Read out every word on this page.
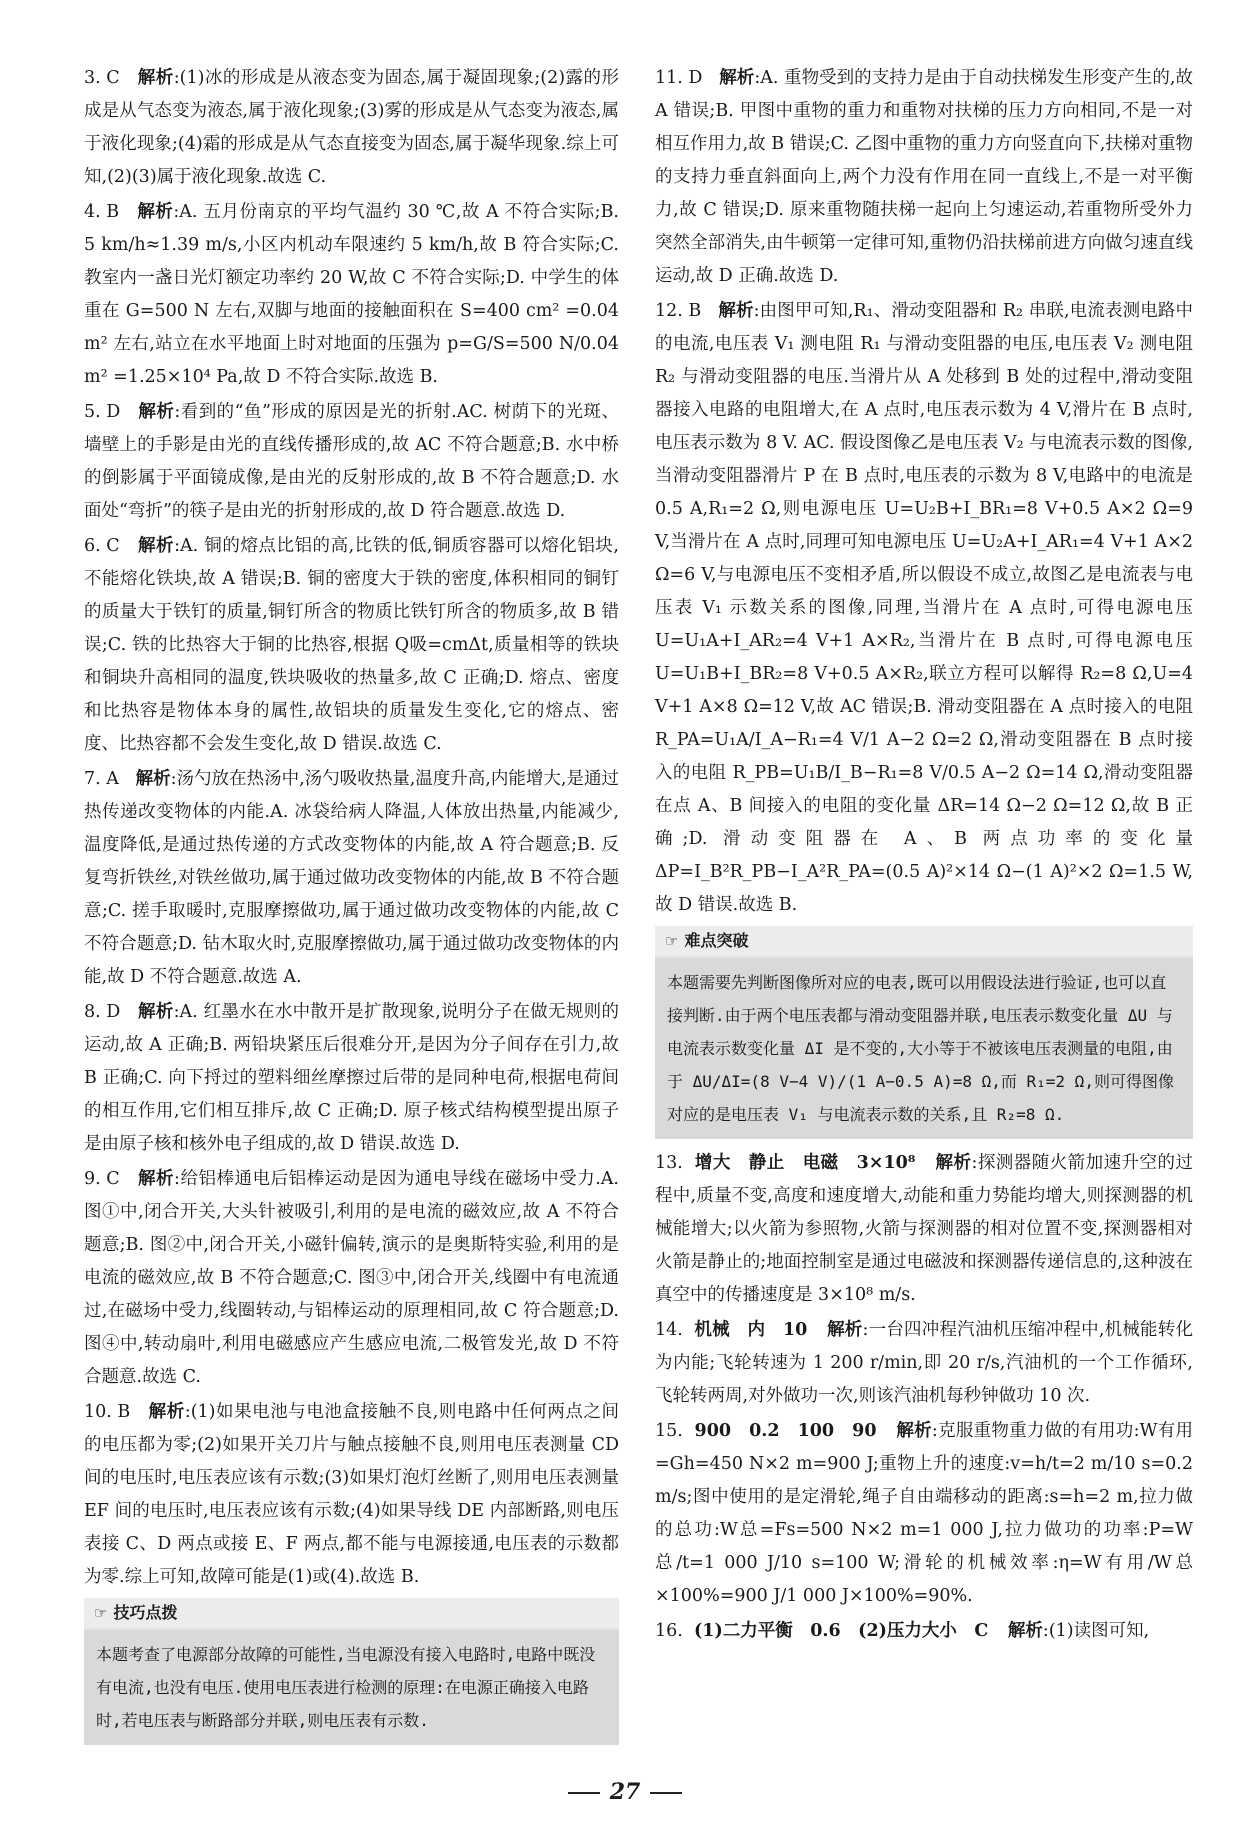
3. C 解析:(1)冰的形成是从液态变为固态,属于凝固现象;(2)露的形成是从气态变为液态,属于液化现象;(3)雾的形成是从气态变为液态,属于液化现象;(4)霜的形成是从气态直接变为固态,属于凝华现象.综上可知,(2)(3)属于液化现象.故选 C.

4. B 解析:A. 五月份南京的平均气温约 30 ℃,故 A 不符合实际;B. 5 km/h≈1.39 m/s,小区内机动车限速约 5 km/h,故 B 符合实际;C. 教室内一盏日光灯额定功率约 20 W,故 C 不符合实际;D. 中学生的体重在 G=500 N 左右,双脚与地面的接触面积在 S=400 cm² =0.04 m² 左右,站立在水平地面上时对地面的压强为 p=G/S=500 N/0.04 m² =1.25×10⁴ Pa,故 D 不符合实际.故选 B.

5. D 解析:看到的“鱼”形成的原因是光的折射.AC. 树荫下的光斑、墙壁上的手影是由光的直线传播形成的,故 AC 不符合题意;B. 水中桥的倒影属于平面镜成像,是由光的反射形成的,故 B 不符合题意;D. 水面处“弯折”的筷子是由光的折射形成的,故 D 符合题意.故选 D.

6. C 解析:A. 铜的熔点比铝的高,比铁的低,铜质容器可以熔化铝块,不能熔化铁块,故 A 错误;B. 铜的密度大于铁的密度,体积相同的铜钉的质量大于铁钉的质量,铜钉所含的物质比铁钉所含的物质多,故 B 错误;C. 铁的比热容大于铜的比热容,根据 Q吸=cmΔt,质量相等的铁块和铜块升高相同的温度,铁块吸收的热量多,故 C 正确;D. 熔点、密度和比热容是物体本身的属性,故铝块的质量发生变化,它的熔点、密度、比热容都不会发生变化,故 D 错误.故选 C.

7. A 解析:汤勺放在热汤中,汤勺吸收热量,温度升高,内能增大,是通过热传递改变物体的内能.A. 冰袋给病人降温,人体放出热量,内能减少,温度降低,是通过热传递的方式改变物体的内能,故 A 符合题意;B. 反复弯折铁丝,对铁丝做功,属于通过做功改变物体的内能,故 B 不符合题意;C. 搓手取暖时,克服摩擦做功,属于通过做功改变物体的内能,故 C 不符合题意;D. 钻木取火时,克服摩擦做功,属于通过做功改变物体的内能,故 D 不符合题意.故选 A.

8. D 解析:A. 红墨水在水中散开是扩散现象,说明分子在做无规则的运动,故 A 正确;B. 两铅块紧压后很难分开,是因为分子间存在引力,故 B 正确;C. 向下捋过的塑料细丝摩擦过后带的是同种电荷,根据电荷间的相互作用,它们相互排斥,故 C 正确;D. 原子核式结构模型提出原子是由原子核和核外电子组成的,故 D 错误.故选 D.

9. C 解析:给铝棒通电后铝棒运动是因为通电导线在磁场中受力.A. 图①中,闭合开关,大头针被吸引,利用的是电流的磁效应,故 A 不符合题意;B. 图②中,闭合开关,小磁针偏转,演示的是奥斯特实验,利用的是电流的磁效应,故 B 不符合题意;C. 图③中,闭合开关,线圈中有电流通过,在磁场中受力,线圈转动,与铝棒运动的原理相同,故 C 符合题意;D. 图④中,转动扇叶,利用电磁感应产生感应电流,二极管发光,故 D 不符合题意.故选 C.

10. B 解析:(1)如果电池与电池盒接触不良,则电路中任何两点之间的电压都为零;(2)如果开关刀片与触点接触不良,则用电压表测量 CD 间的电压时,电压表应该有示数;(3)如果灯泡灯丝断了,则用电压表测量 EF 间的电压时,电压表应该有示数;(4)如果导线 DE 内部断路,则电压表接 C、D 两点或接 E、F 两点,都不能与电源接通,电压表的示数都为零.综上可知,故障可能是(1)或(4).故选 B.

☞ 技巧点拨
本题考查了电源部分故障的可能性,当电源没有接入电路时,电路中既没有电流,也没有电压.使用电压表进行检测的原理:在电源正确接入电路时,若电压表与断路部分并联,则电压表有示数.

11. D 解析:A. 重物受到的支持力是由于自动扶梯发生形变产生的,故 A 错误;B. 甲图中重物的重力和重物对扶梯的压力方向相同,不是一对相互作用力,故 B 错误;C. 乙图中重物的重力方向竖直向下,扶梯对重物的支持力垂直斜面向上,两个力没有作用在同一直线上,不是一对平衡力,故 C 错误;D. 原来重物随扶梯一起向上匀速运动,若重物所受外力突然全部消失,由牛顿第一定律可知,重物仍沿扶梯前进方向做匀速直线运动,故 D 正确.故选 D.

12. B 解析:由图甲可知,R₁、滑动变阻器和 R₂ 串联,电流表测电路中的电流,电压表 V₁ 测电阻 R₁ 与滑动变阻器的电压,电压表 V₂ 测电阻 R₂ 与滑动变阻器的电压.当滑片从 A 处移到 B 处的过程中,滑动变阻器接入电路的电阻增大,在 A 点时,电压表示数为 4 V,滑片在 B 点时,电压表示数为 8 V. AC. 假设图像乙是电压表 V₂ 与电流表示数的图像,当滑动变阻器滑片 P 在 B 点时,电压表的示数为 8 V,电路中的电流是 0.5 A,R₁=2 Ω,则电源电压 U=U₂B+I_BR₁=8 V+0.5 A×2 Ω=9 V,当滑片在 A 点时,同理可知电源电压 U=U₂A+I_AR₁=4 V+1 A×2 Ω=6 V,与电源电压不变相矛盾,所以假设不成立,故图乙是电流表与电压表 V₁ 示数关系的图像,同理,当滑片在 A 点时,可得电源电压 U=U₁A+I_AR₂=4 V+1 A×R₂,当滑片在 B 点时,可得电源电压 U=U₁B+I_BR₂=8 V+0.5 A×R₂,联立方程可以解得 R₂=8 Ω,U=4 V+1 A×8 Ω=12 V,故 AC 错误;B. 滑动变阻器在 A 点时接入的电阻 R_PA=U₁A/I_A−R₁=4 V/1 A−2 Ω=2 Ω,滑动变阻器在 B 点时接入的电阻 R_PB=U₁B/I_B−R₁=8 V/0.5 A−2 Ω=14 Ω,滑动变阻器在点 A、B 间接入的电阻的变化量 ΔR=14 Ω−2 Ω=12 Ω,故 B 正确;D. 滑动变阻器在 A、B 两点功率的变化量 ΔP=I_B²R_PB−I_A²R_PA=(0.5 A)²×14 Ω−(1 A)²×2 Ω=1.5 W,故 D 错误.故选 B.

☞ 难点突破
本题需要先判断图像所对应的电表,既可以用假设法进行验证,也可以直接判断.由于两个电压表都与滑动变阻器并联,电压表示数变化量 ΔU 与电流表示数变化量 ΔI 是不变的,大小等于不被该电压表测量的电阻,由于 ΔU/ΔI=(8 V−4 V)/(1 A−0.5 A)=8 Ω,而 R₁=2 Ω,则可得图像对应的是电压表 V₁ 与电流表示数的关系,且 R₂=8 Ω.

13. 增大　静止　电磁　3×10⁸ 解析:探测器随火箭加速升空的过程中,质量不变,高度和速度增大,动能和重力势能均增大,则探测器的机械能增大;以火箭为参照物,火箭与探测器的相对位置不变,探测器相对火箭是静止的;地面控制室是通过电磁波和探测器传递信息的,这种波在真空中的传播速度是 3×10⁸ m/s.

14. 机械　内　10 解析:一台四冲程汽油机压缩冲程中,机械能转化为内能;飞轮转速为 1 200 r/min,即 20 r/s,汽油机的一个工作循环,飞轮转两周,对外做功一次,则该汽油机每秒钟做功 10 次.

15. 900　0.2　100　90 解析:克服重物重力做的有用功:W有用=Gh=450 N×2 m=900 J;重物上升的速度:v=h/t=2 m/10 s=0.2 m/s;图中使用的是定滑轮,绳子自由端移动的距离:s=h=2 m,拉力做的总功:W总=Fs=500 N×2 m=1 000 J,拉力做功的功率:P=W总/t=1 000 J/10 s=100 W;滑轮的机械效率:η=W有用/W总×100%=900 J/1 000 J×100%=90%.

16. (1)二力平衡　0.6　(2)压力大小　C 解析:(1)读图可知,

27
